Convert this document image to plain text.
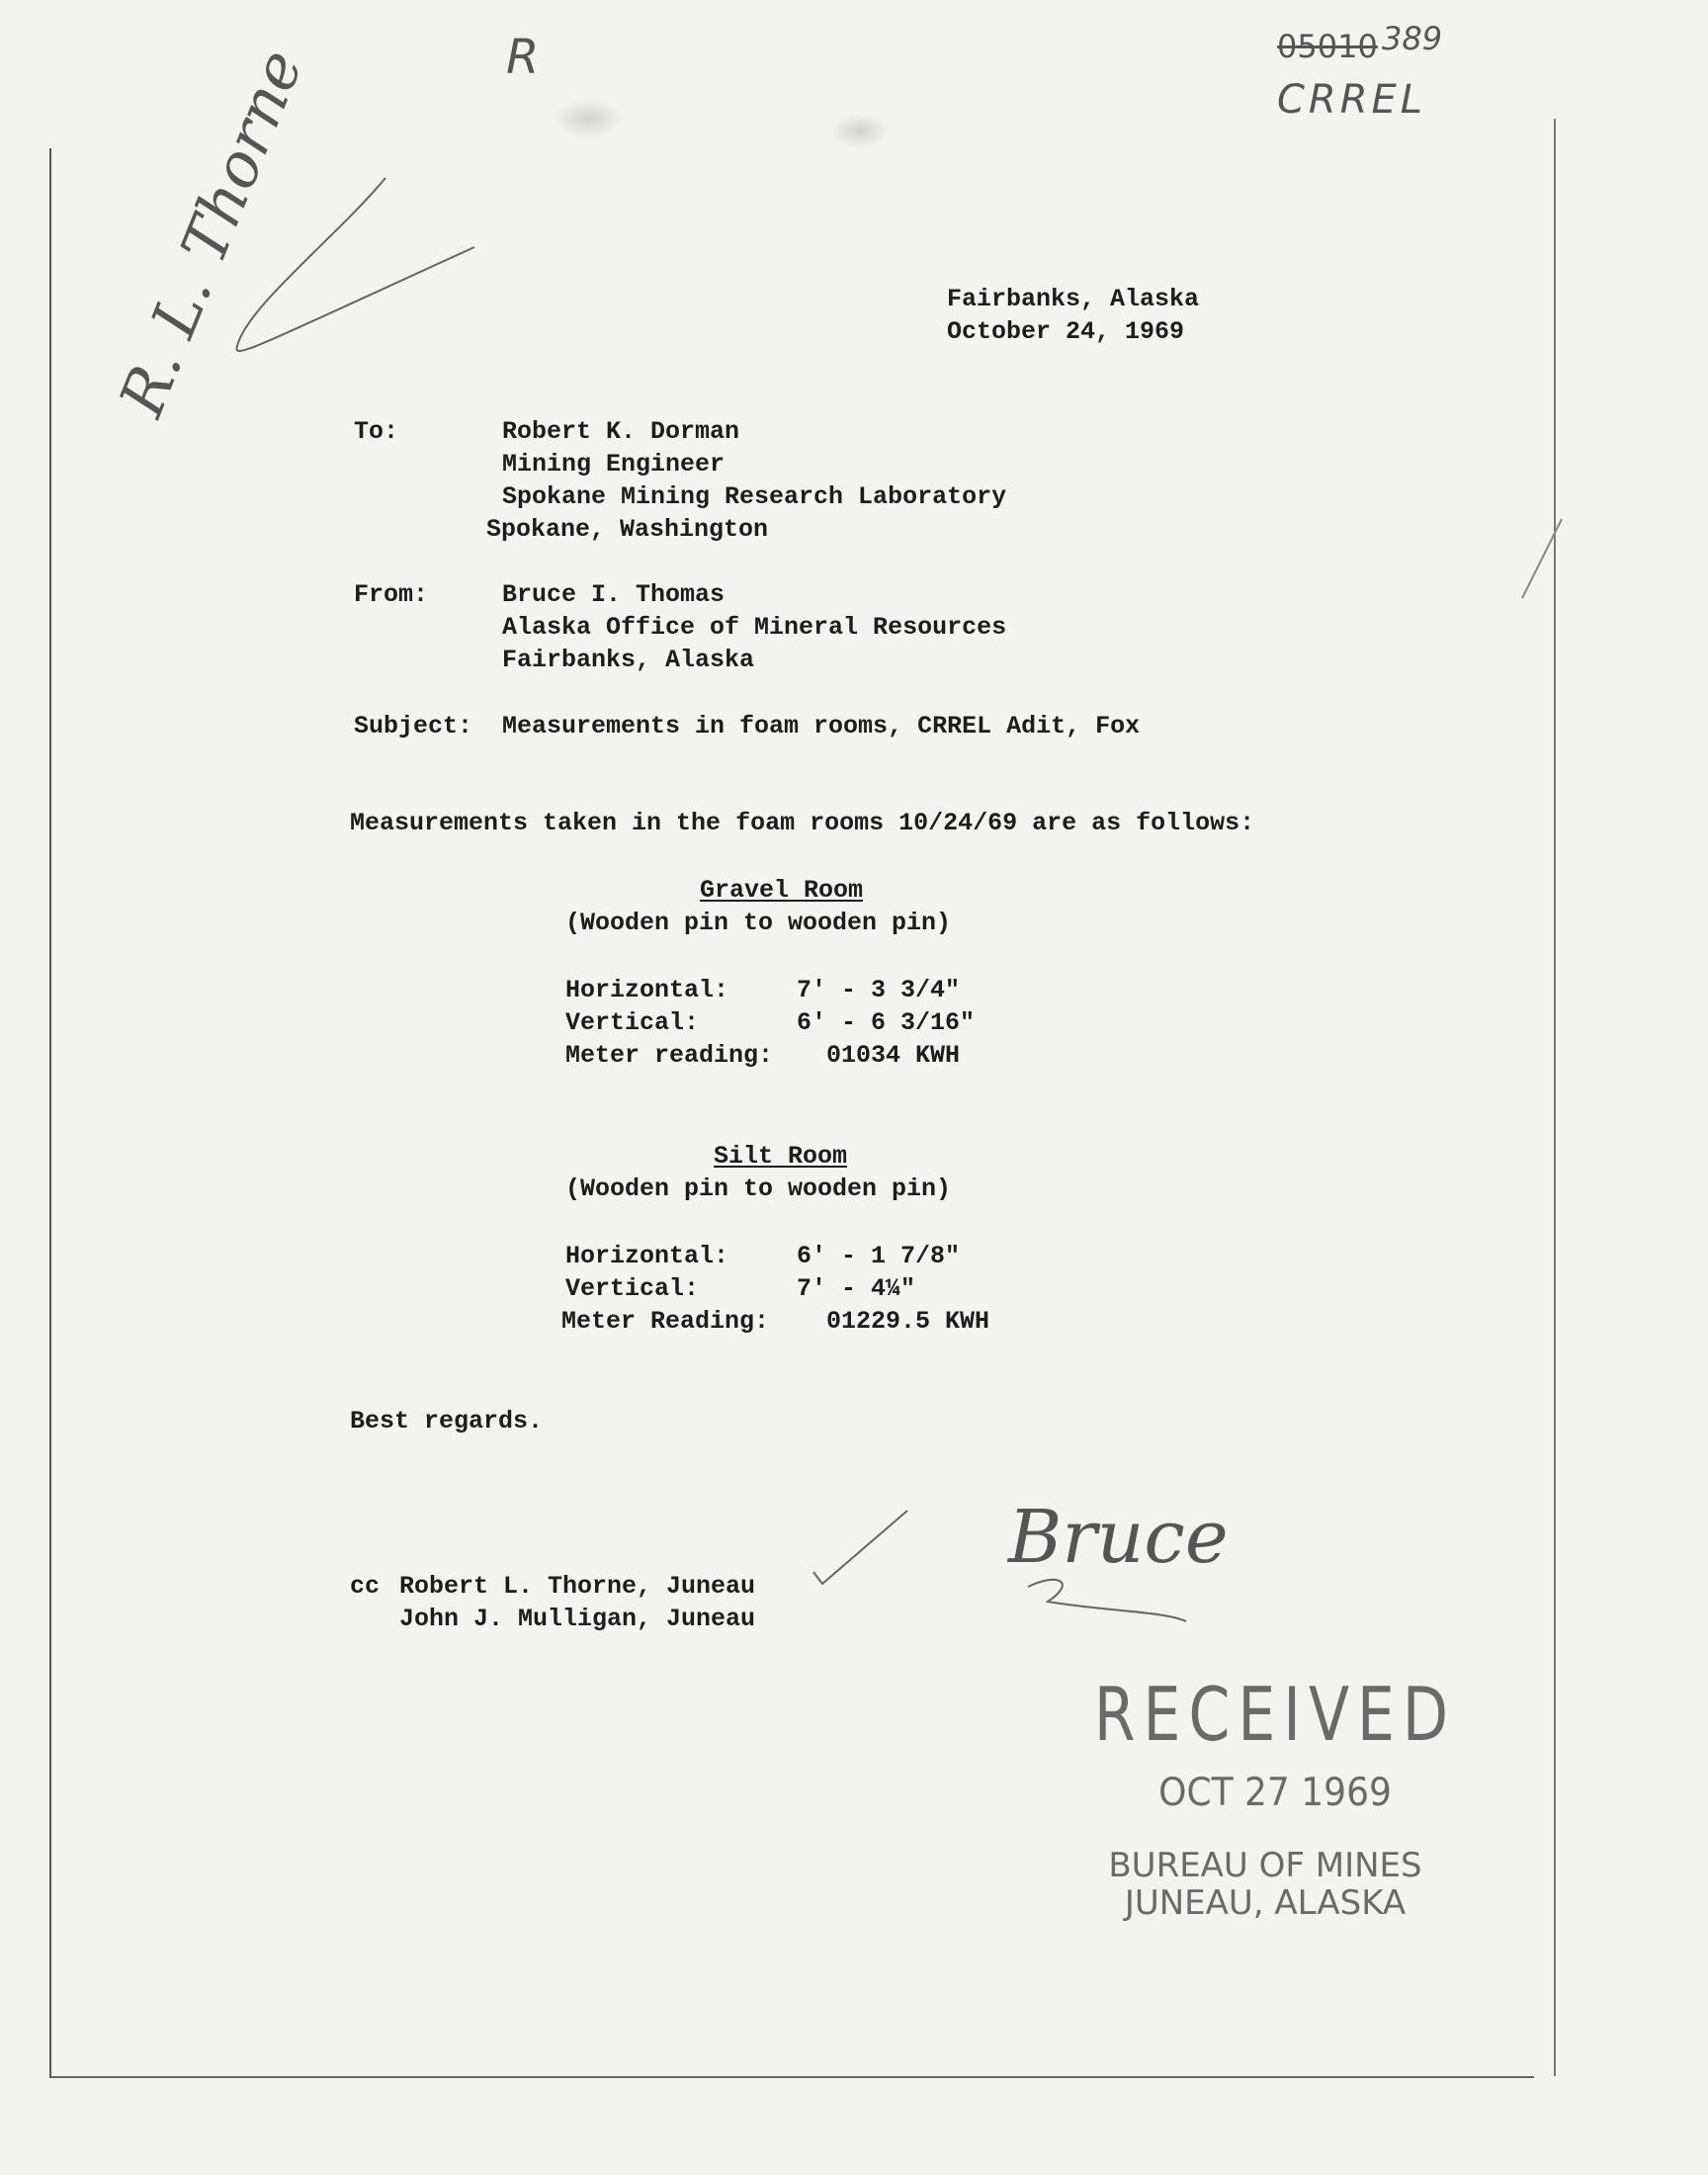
05010 389
CRREL
R
R. L. Thorne	Fairbanks, Alaska
October 24, 1969
To:	Robert K. Dorman
Mining Engineer
Spokane Mining Research Laboratory
Spokane, Washington
From:	Bruce I. Thomas
Alaska Office of Mineral Resources
Fairbanks, Alaska
Subject: Measurements in foam rooms, CRREL Adit, Fox
Measurements taken in the foam rooms 10/24/69 are as follows:
Gravel Room
(Wooden pin to wooden pin)
Horizontal:	7' - 3 3/4"
Vertical:	6' - 6 3/16"
Meter reading: 01034 KWH
Silt Room
(Wooden pin to wooden pin)
Horizontal:	6' - 1 7/8"
Vertical:	7' - 4¼"
Meter Reading: 01229.5 KWH
Best regards.
Bruce
cc Robert L. Thorne, Juneau
John J. Mulligan, Juneau
RECEIVED
OCT 27 1969
BUREAU OF MINES
JUNEAU, ALASKA
